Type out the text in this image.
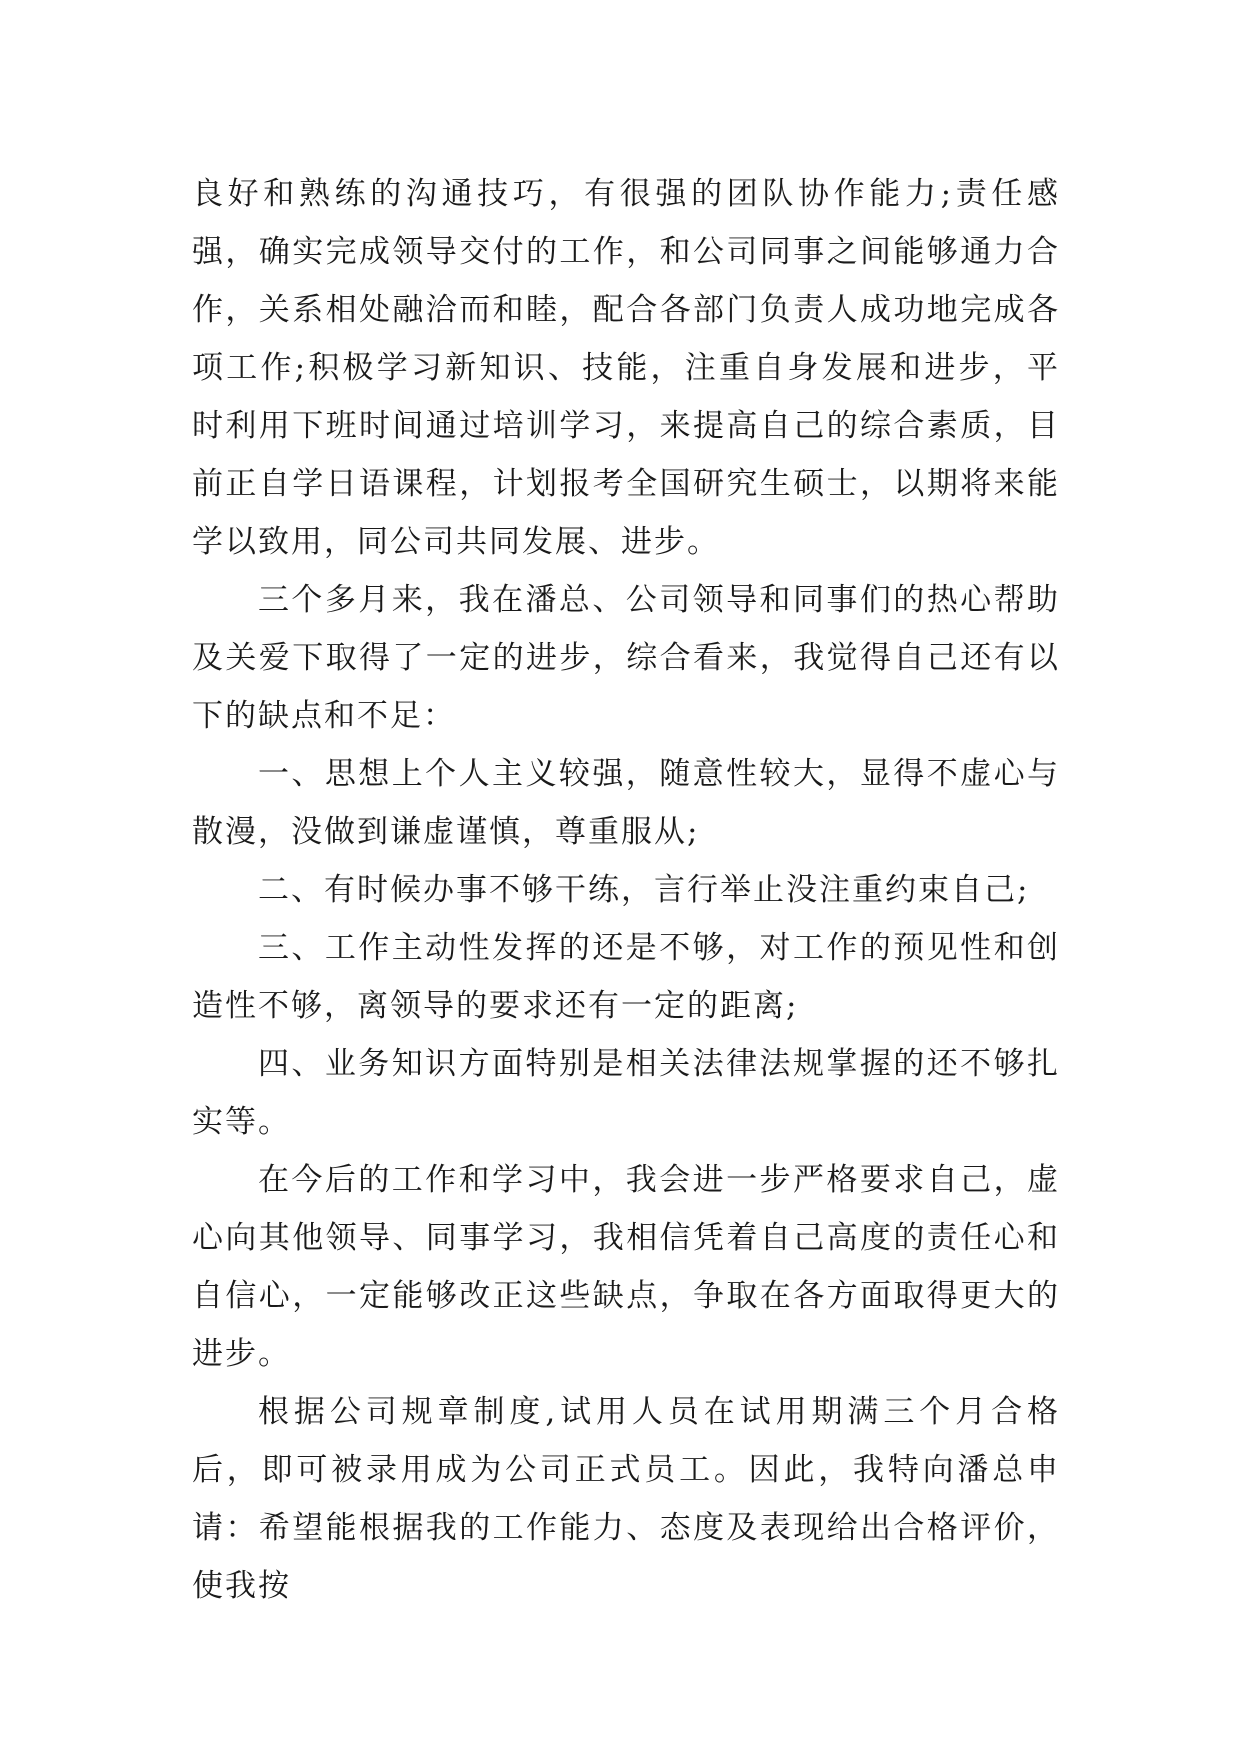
良好和熟练的沟通技巧，有很强的团队协作能力;责任感强，确实完成领导交付的工作，和公司同事之间能够通力合作，关系相处融洽而和睦，配合各部门负责人成功地完成各项工作;积极学习新知识、技能，注重自身发展和进步，平时利用下班时间通过培训学习，来提高自己的综合素质，目前正自学日语课程，计划报考全国研究生硕士，以期将来能学以致用，同公司共同发展、进步。

三个多月来，我在潘总、公司领导和同事们的热心帮助及关爱下取得了一定的进步，综合看来，我觉得自己还有以下的缺点和不足：

一、思想上个人主义较强，随意性较大，显得不虚心与散漫，没做到谦虚谨慎，尊重服从;

二、有时候办事不够干练，言行举止没注重约束自己;

三、工作主动性发挥的还是不够，对工作的预见性和创造性不够，离领导的要求还有一定的距离;

四、业务知识方面特别是相关法律法规掌握的还不够扎实等。

在今后的工作和学习中，我会进一步严格要求自己，虚心向其他领导、同事学习，我相信凭着自己高度的责任心和自信心，一定能够改正这些缺点，争取在各方面取得更大的进步。

根据公司规章制度,试用人员在试用期满三个月合格后，即可被录用成为公司正式员工。因此，我特向潘总申请：希望能根据我的工作能力、态度及表现给出合格评价，使我按
